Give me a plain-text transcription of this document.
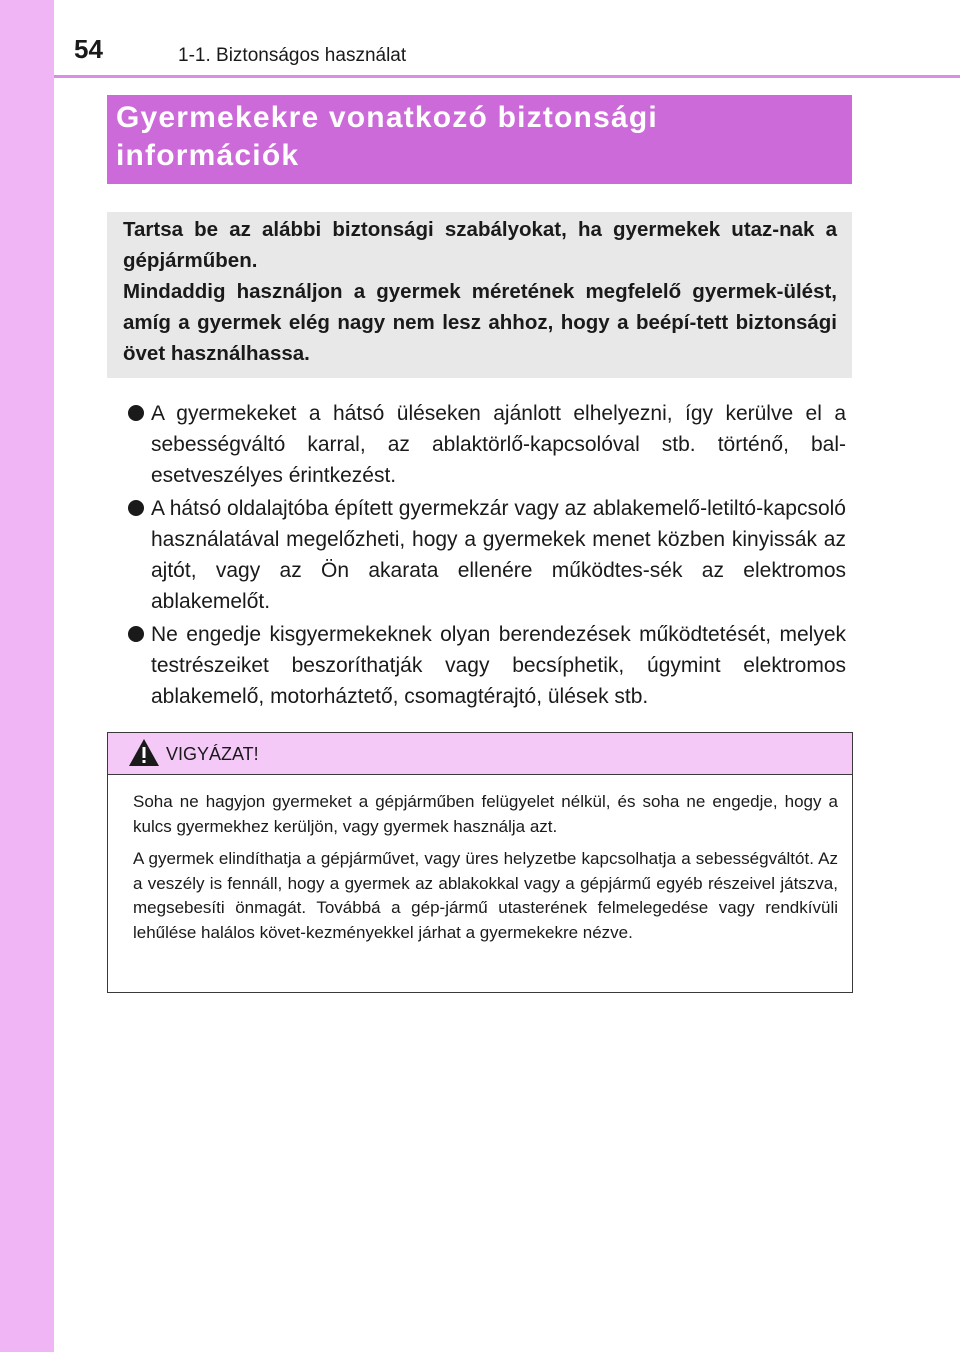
54	1-1. Biztonságos használat

Gyermekekre vonatkozó biztonsági
információk

Tartsa be az alábbi biztonsági szabályokat, ha gyermekek utaz-nak a gépjárműben.

Mindaddig használjon a gyermek méretének megfelelő gyermek-ülést, amíg a gyermek elég nagy nem lesz ahhoz, hogy a beépí-tett biztonsági övet használhassa.

A gyermekeket a hátsó üléseken ajánlott elhelyezni, így kerülve el a sebességváltó karral, az ablaktörlő-kapcsolóval stb. történő, bal-esetveszélyes érintkezést.

A hátsó oldalajtóba épített gyermekzár vagy az ablakemelő-letiltó-kapcsoló használatával megelőzheti, hogy a gyermekek menet közben kinyissák az ajtót, vagy az Ön akarata ellenére működtes-sék az elektromos ablakemelőt.

Ne engedje kisgyermekeknek olyan berendezések működtetését, melyek testrészeiket beszoríthatják vagy becsíphetik, úgymint elektromos ablakemelő, motorháztető, csomagtérajtó, ülések stb.

VIGYÁZAT!

Soha ne hagyjon gyermeket a gépjárműben felügyelet nélkül, és soha ne engedje, hogy a kulcs gyermekhez kerüljön, vagy gyermek használja azt.

A gyermek elindíthatja a gépjárművet, vagy üres helyzetbe kapcsolhatja a sebességváltót. Az a veszély is fennáll, hogy a gyermek az ablakokkal vagy a gépjármű egyéb részeivel játszva, megsebesíti önmagát. Továbbá a gép-jármű utasterének felmelegedése vagy rendkívüli lehűlése halálos követ-kezményekkel járhat a gyermekekre nézve.
